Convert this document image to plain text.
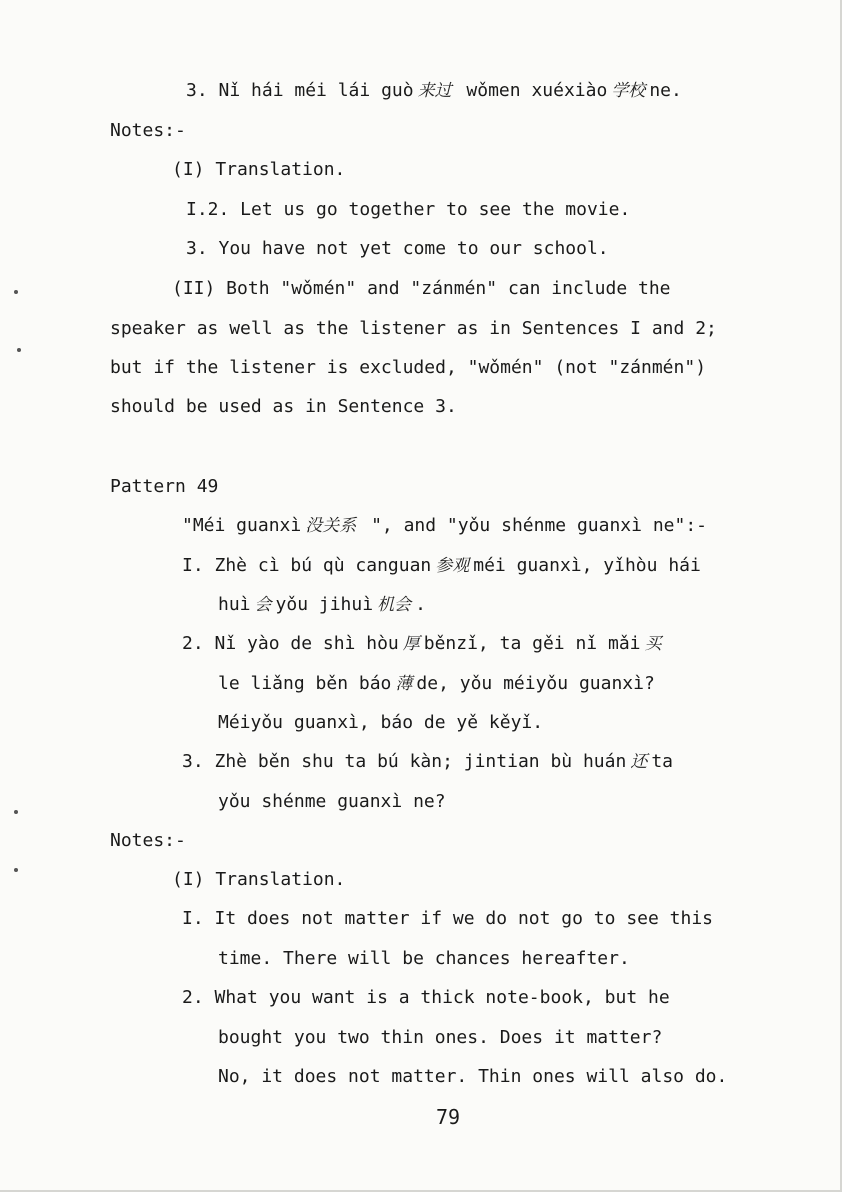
3. Nǐ hái méi lái guò 来过 wǒmen xuéxiào 学校 ne.
Notes:-
(I) Translation.
I.2. Let us go together to see the movie.
3. You have not yet come to our school.
(II) Both "wǒmén" and "zánmén" can include the
speaker as well as the listener as in Sentences I and 2;
but if the listener is excluded, "wǒmén" (not "zánmén")
should be used as in Sentence 3.
Pattern 49
"Méi guanxì 没关系 ", and "yǒu shénme guanxì ne":-
I. Zhè cì bú qù canguan 参观 méi guanxì, yǐhòu hái
huì 会 yǒu jihuì 机会 .
2. Nǐ yào de shì hòu 厚 běnzǐ, ta gěi nǐ mǎi 买
le liǎng běn báo 薄 de, yǒu méiyǒu guanxì?
Méiyǒu guanxì, báo de yě kěyǐ.
3. Zhè běn shu ta bú kàn; jintian bù huán 还 ta
yǒu shénme guanxì ne?
Notes:-
(I) Translation.
I. It does not matter if we do not go to see this
time. There will be chances hereafter.
2. What you want is a thick note-book, but he
bought you two thin ones. Does it matter?
No, it does not matter. Thin ones will also do.
79
